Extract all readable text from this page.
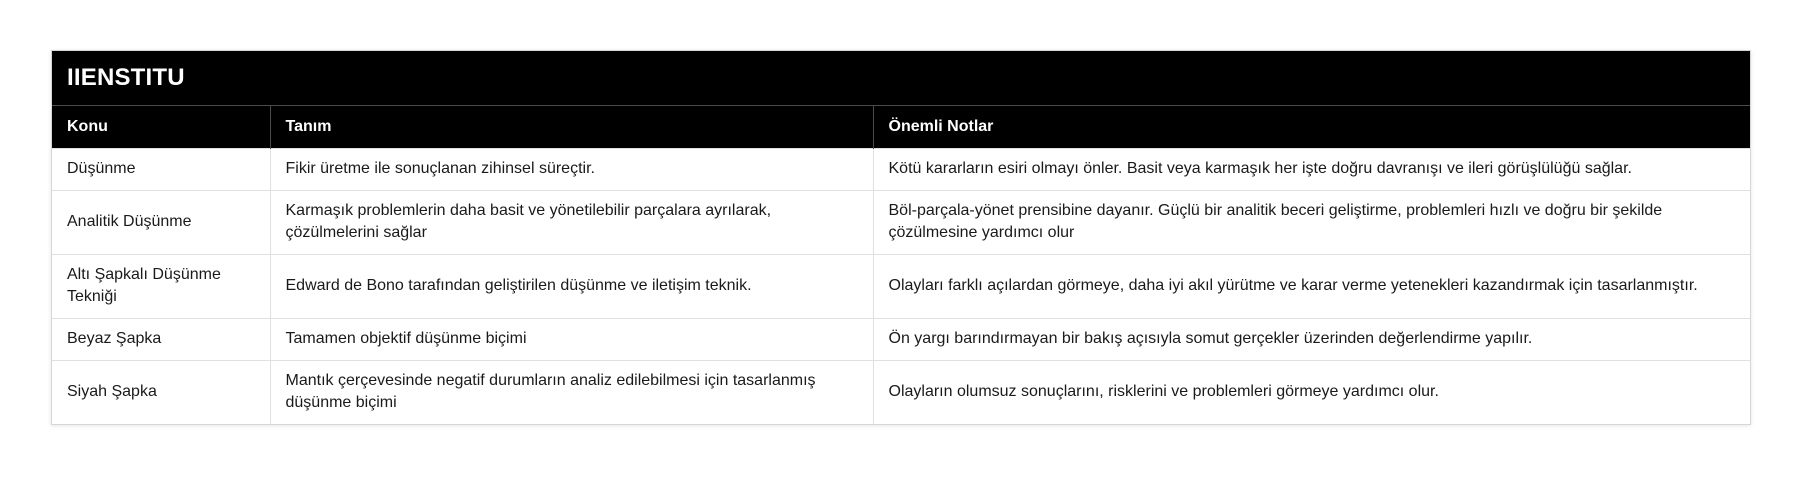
IIENSTITU
Konu	Tanım	Önemli Notlar
Düşünme	Fikir üretme ile sonuçlanan zihinsel süreçtir.	Kötü kararların esiri olmayı önler. Basit veya karmaşık her işte doğru davranışı ve ileri görüşlülüğü sağlar.
Analitik Düşünme	Karmaşık problemlerin daha basit ve yönetilebilir parçalara ayrılarak, çözülmelerini sağlar	Böl-parçala-yönet prensibine dayanır. Güçlü bir analitik beceri geliştirme, problemleri hızlı ve doğru bir şekilde çözülmesine yardımcı olur
Altı Şapkalı Düşünme Tekniği	Edward de Bono tarafından geliştirilen düşünme ve iletişim teknik.	Olayları farklı açılardan görmeye, daha iyi akıl yürütme ve karar verme yetenekleri kazandırmak için tasarlanmıştır.
Beyaz Şapka	Tamamen objektif düşünme biçimi	Ön yargı barındırmayan bir bakış açısıyla somut gerçekler üzerinden değerlendirme yapılır.
Siyah Şapka	Mantık çerçevesinde negatif durumların analiz edilebilmesi için tasarlanmış düşünme biçimi	Olayların olumsuz sonuçlarını, risklerini ve problemleri görmeye yardımcı olur.
